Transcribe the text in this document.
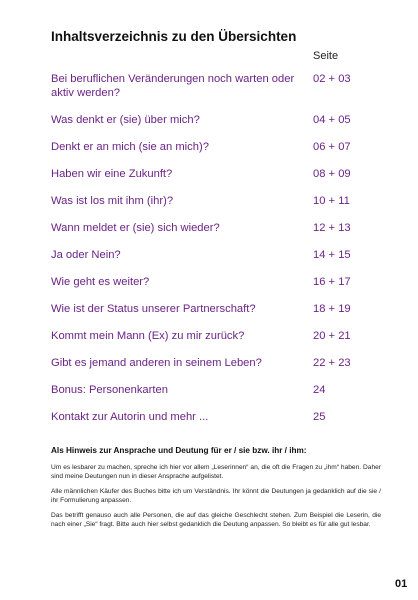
Inhaltsverzeichnis zu den Übersichten
Seite
Bei beruflichen Veränderungen noch warten oder aktiv werden?
02 + 03
Was denkt er (sie) über mich?	04 + 05
Denkt er an mich (sie an mich)?	06 + 07
Haben wir eine Zukunft?	08 + 09
Was ist los mit ihm (ihr)?	10 + 11
Wann meldet er (sie) sich wieder?	12 + 13
Ja oder Nein?	14 + 15
Wie geht es weiter?	16 + 17
Wie ist der Status unserer Partnerschaft?	18 + 19
Kommt mein Mann (Ex) zu mir zurück?	20 + 21
Gibt es jemand anderen in seinem Leben?	22 + 23
Bonus: Personenkarten	24
Kontakt zur Autorin und mehr ...	25
Als Hinweis zur Ansprache und Deutung für er / sie bzw. ihr / ihm:

Um es lesbarer zu machen, spreche ich hier vor allem „Leserinnen“ an, die oft die Fragen zu „ihm“ haben. Daher sind meine Deutungen nun in dieser Ansprache aufgelistet.

Alle männlichen Käufer des Buches bitte ich um Verständnis. Ihr könnt die Deutungen ja gedanklich auf die sie / ihr Formulierung anpassen.

Das betrifft genauso auch alle Personen, die auf das gleiche Geschlecht stehen. Zum Beispiel die Leserin, die nach einer „Sie“ fragt. Bitte auch hier selbst gedanklich die Deutung anpassen. So bleibt es für alle gut lesbar.

01
